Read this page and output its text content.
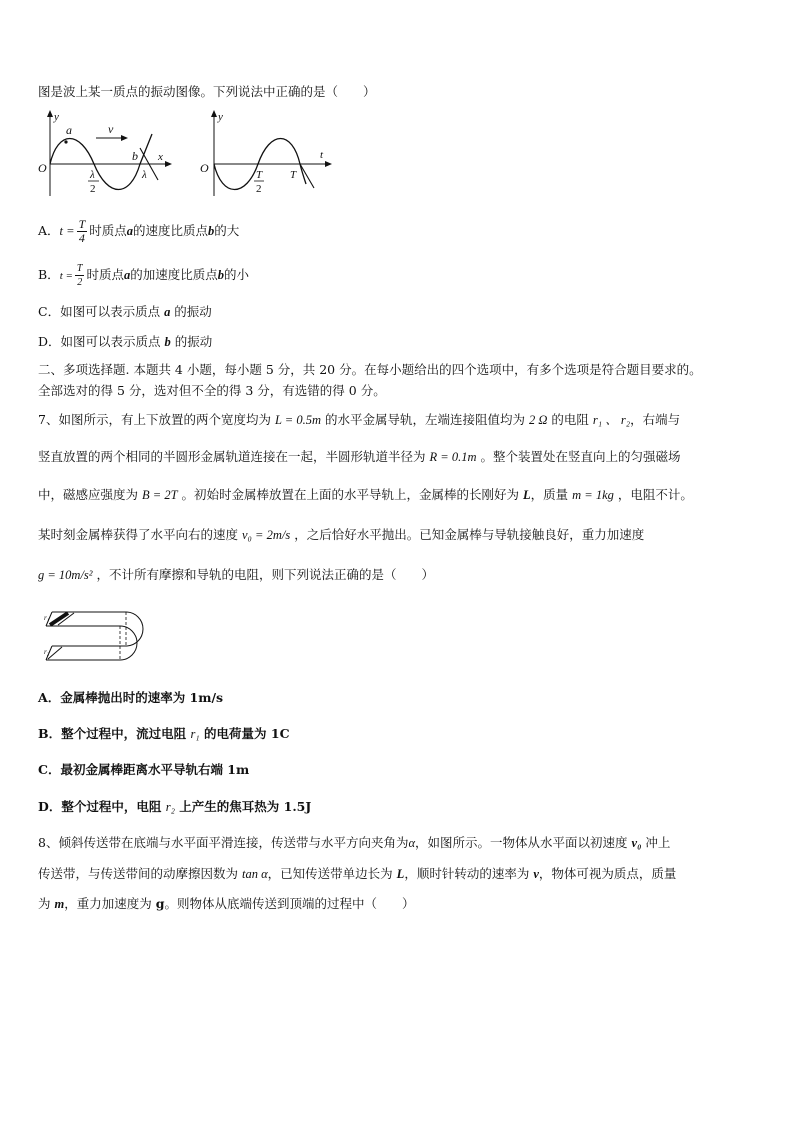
图是波上某一质点的振动图像。下列说法中正确的是（　　）
y
a	v
b x
O	λ
2
λ
y
t
O	T
2
T
A．$t = \frac{T}{4}$ 时质点a的速度比质点b的大
B．$t = \frac{T}{2}$ 时质点a的加速度比质点b的小
C．如图可以表示质点 a 的振动
D．如图可以表示质点 b 的振动
二、多项选择题. 本题共 4 小题，每小题 5 分，共 20 分。在每小题给出的四个选项中，有多个选项是符合题目要求的。
全部选对的得 5 分，选对但不全的得 3 分，有选错的得 0 分。
7、如图所示，有上下放置的两个宽度均为 L = 0.5m 的水平金属导轨，左端连接阻值均为 2 Ω 的电阻 r₁ 、 r₂，右端与
竖直放置的两个相同的半圆形金属轨道连接在一起，半圆形轨道半径为 R = 0.1m 。整个装置处在竖直向上的匀强磁场
中，磁感应强度为 B = 2T 。初始时金属棒放置在上面的水平导轨上，金属棒的长刚好为 L，质量 m = 1kg ，电阻不计。
某时刻金属棒获得了水平向右的速度 v₀ = 2m/s ，之后恰好水平抛出。已知金属棒与导轨接触良好，重力加速度
g = 10m/s² ，不计所有摩擦和导轨的电阻，则下列说法正确的是（　　）
r₁
r₂
A．金属棒抛出时的速率为 1m/s
B．整个过程中，流过电阻 r₁ 的电荷量为 1C
C．最初金属棒距离水平导轨右端 1m
D．整个过程中，电阻 r₂ 上产生的焦耳热为 1.5J
8、倾斜传送带在底端与水平面平滑连接，传送带与水平方向夹角为α，如图所示。一物体从水平面以初速度 v₀ 冲上
传送带，与传送带间的动摩擦因数为 tan α，已知传送带单边长为 L，顺时针转动的速率为 v，物体可视为质点，质量
为 m，重力加速度为 g。则物体从底端传送到顶端的过程中（　　）
